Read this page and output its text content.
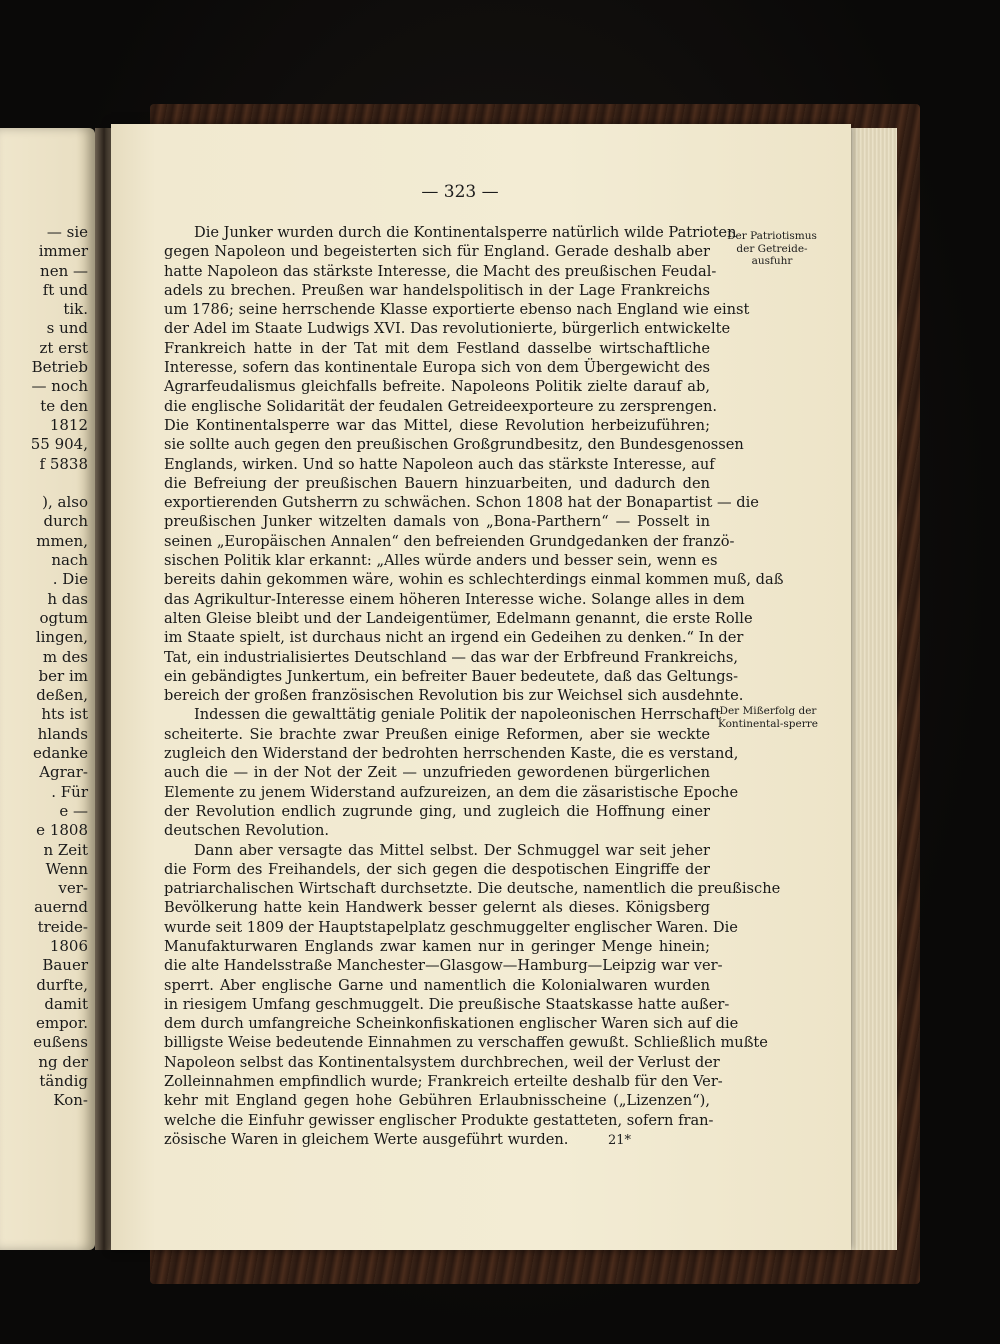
— sie
immer
nen —
ft und
tik.
s und
zt erst
Betrieb
— noch
te den
1812
55 904,
f 5838
), also
durch
mmen,
nach
. Die
h das
ogtum
lingen,
m des
ber im
deßen,
hts ist
hlands
edanke
Agrar-
. Für
e —
e 1808
n Zeit
Wenn
ver-
auernd
treide-
1806
Bauer
durfte,
damit
empor.
eußens
ng der
tändig
Kon-
— 323 —
Der Patriotismus der Getreide-ausfuhr
Der Mißerfolg der Kontinental-sperre
Die Junker wurden durch die Kontinentalsperre natürlich wilde Patrioten
gegen Napoleon und begeisterten sich für England. Gerade deshalb aber
hatte Napoleon das stärkste Interesse, die Macht des preußischen Feudal-
adels zu brechen. Preußen war handelspolitisch in der Lage Frankreichs
um 1786; seine herrschende Klasse exportierte ebenso nach England wie einst
der Adel im Staate Ludwigs XVI. Das revolutionierte, bürgerlich entwickelte
Frankreich hatte in der Tat mit dem Festland dasselbe wirtschaftliche
Interesse, sofern das kontinentale Europa sich von dem Übergewicht des
Agrarfeudalismus gleichfalls befreite. Napoleons Politik zielte darauf ab,
die englische Solidarität der feudalen Getreideexporteure zu zersprengen.
Die Kontinentalsperre war das Mittel, diese Revolution herbeizuführen;
sie sollte auch gegen den preußischen Großgrundbesitz, den Bundesgenossen
Englands, wirken. Und so hatte Napoleon auch das stärkste Interesse, auf
die Befreiung der preußischen Bauern hinzuarbeiten, und dadurch den
exportierenden Gutsherrn zu schwächen. Schon 1808 hat der Bonapartist — die
preußischen Junker witzelten damals von „Bona-Parthern“ — Posselt in
seinen „Europäischen Annalen“ den befreienden Grundgedanken der franzö-
sischen Politik klar erkannt: „Alles würde anders und besser sein, wenn es
bereits dahin gekommen wäre, wohin es schlechterdings einmal kommen muß, daß
das Agrikultur-Interesse einem höheren Interesse wiche. Solange alles in dem
alten Gleise bleibt und der Landeigentümer, Edelmann genannt, die erste Rolle
im Staate spielt, ist durchaus nicht an irgend ein Gedeihen zu denken.“ In der
Tat, ein industrialisiertes Deutschland — das war der Erbfreund Frankreichs,
ein gebändigtes Junkertum, ein befreiter Bauer bedeutete, daß das Geltungs-
bereich der großen französischen Revolution bis zur Weichsel sich ausdehnte.
Indessen die gewalttätig geniale Politik der napoleonischen Herrschaft
scheiterte. Sie brachte zwar Preußen einige Reformen, aber sie weckte
zugleich den Widerstand der bedrohten herrschenden Kaste, die es verstand,
auch die — in der Not der Zeit — unzufrieden gewordenen bürgerlichen
Elemente zu jenem Widerstand aufzureizen, an dem die zäsaristische Epoche
der Revolution endlich zugrunde ging, und zugleich die Hoffnung einer
deutschen Revolution.
Dann aber versagte das Mittel selbst. Der Schmuggel war seit jeher
die Form des Freihandels, der sich gegen die despotischen Eingriffe der
patriarchalischen Wirtschaft durchsetzte. Die deutsche, namentlich die preußische
Bevölkerung hatte kein Handwerk besser gelernt als dieses. Königsberg
wurde seit 1809 der Hauptstapelplatz geschmuggelter englischer Waren. Die
Manufakturwaren Englands zwar kamen nur in geringer Menge hinein;
die alte Handelsstraße Manchester—Glasgow—Hamburg—Leipzig war ver-
sperrt. Aber englische Garne und namentlich die Kolonialwaren wurden
in riesigem Umfang geschmuggelt. Die preußische Staatskasse hatte außer-
dem durch umfangreiche Scheinkonfiskationen englischer Waren sich auf die
billigste Weise bedeutende Einnahmen zu verschaffen gewußt. Schließlich mußte
Napoleon selbst das Kontinentalsystem durchbrechen, weil der Verlust der
Zolleinnahmen empfindlich wurde; Frankreich erteilte deshalb für den Ver-
kehr mit England gegen hohe Gebühren Erlaubnisscheine („Lizenzen“),
welche die Einfuhr gewisser englischer Produkte gestatteten, sofern fran-
zösische Waren in gleichem Werte ausgeführt wurden.	21*
